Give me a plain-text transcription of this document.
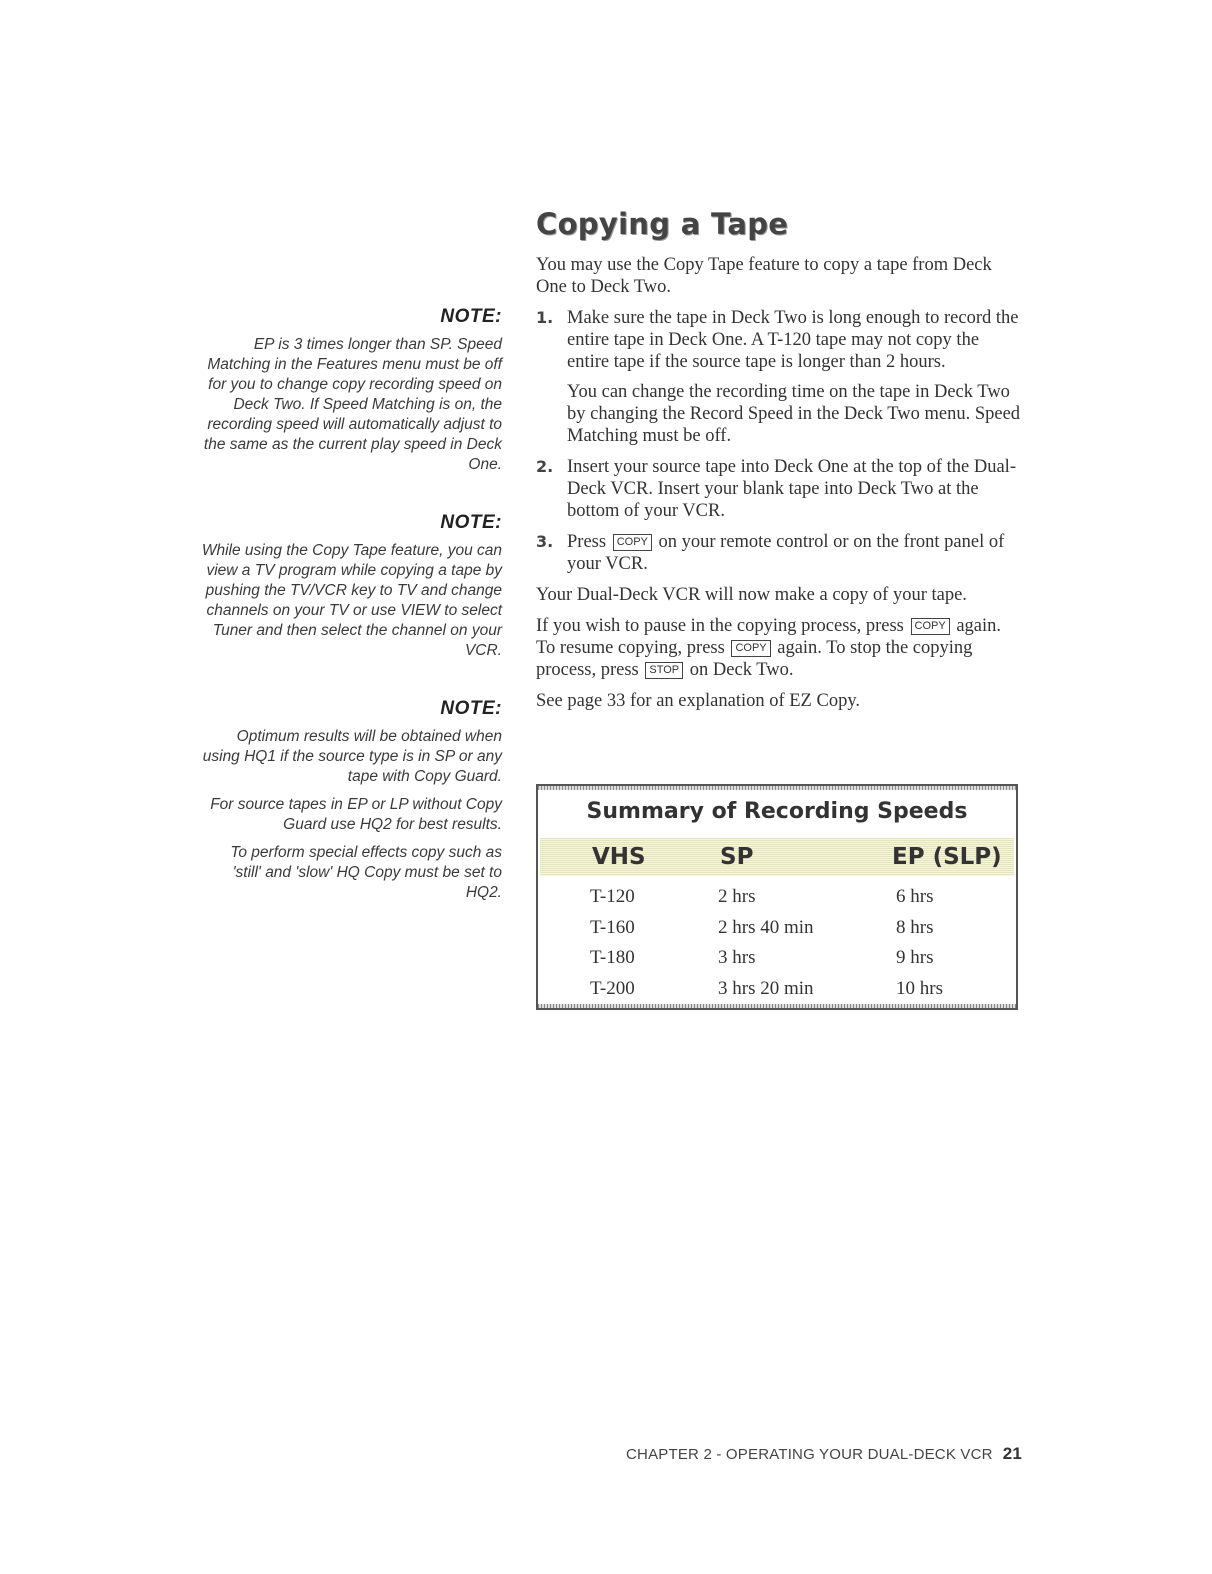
NOTE:

EP is 3 times longer than SP. Speed Matching in the Features menu must be off for you to change copy recording speed on Deck Two. If Speed Matching is on, the recording speed will automatically adjust to the same as the current play speed in Deck One.

NOTE:

While using the Copy Tape feature, you can view a TV program while copying a tape by pushing the TV/VCR key to TV and change channels on your TV or use VIEW to select Tuner and then select the channel on your VCR.

NOTE:

Optimum results will be obtained when using HQ1 if the source type is in SP or any tape with Copy Guard.

For source tapes in EP or LP without Copy Guard use HQ2 for best results.

To perform special effects copy such as 'still' and 'slow' HQ Copy must be set to HQ2.

Copying a Tape

You may use the Copy Tape feature to copy a tape from Deck One to Deck Two.

1. Make sure the tape in Deck Two is long enough to record the entire tape in Deck One. A T-120 tape may not copy the entire tape if the source tape is longer than 2 hours.

You can change the recording time on the tape in Deck Two by changing the Record Speed in the Deck Two menu. Speed Matching must be off.

2. Insert your source tape into Deck One at the top of the Dual-Deck VCR. Insert your blank tape into Deck Two at the bottom of your VCR.

3. Press COPY on your remote control or on the front panel of your VCR.

Your Dual-Deck VCR will now make a copy of your tape.

If you wish to pause in the copying process, press COPY again. To resume copying, press COPY again. To stop the copying process, press STOP on Deck Two.

See page 33 for an explanation of EZ Copy.

Summary of Recording Speeds
VHS	SP	EP (SLP)
T-120	2 hrs	6 hrs
T-160	2 hrs 40 min	8 hrs
T-180	3 hrs	9 hrs
T-200	3 hrs 20 min	10 hrs
CHAPTER 2 - OPERATING YOUR DUAL-DECK VCR 21
